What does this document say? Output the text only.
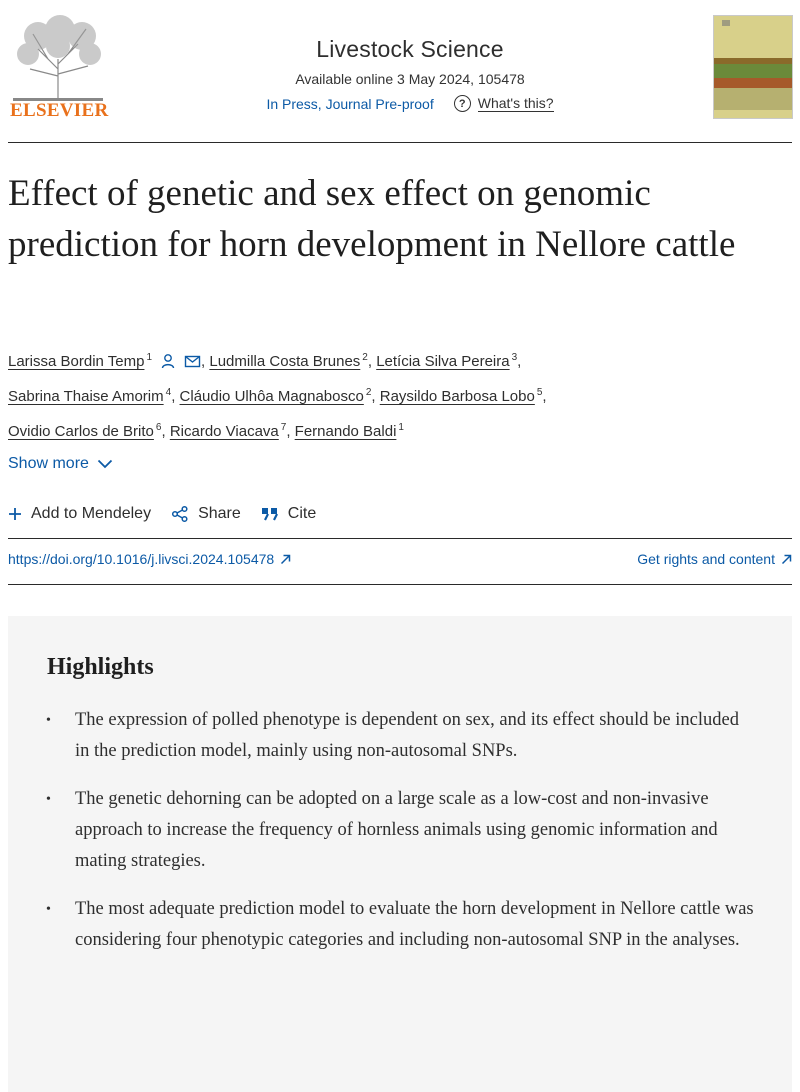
ELSEVIER
Livestock Science
Available online 3 May 2024, 105478
In Press, Journal Pre-proof	? What's this?
Effect of genetic and sex effect on genomic prediction for horn development in Nellore cattle
Larissa Bordin Temp $^1$	, Ludmilla Costa Brunes $^2$, Letícia Silva Pereira $^3$,
Sabrina Thaise Amorim $^4$, Cláudio Ulhôa Magnabosco $^2$, Raysildo Barbosa Lobo $^5$,
Ovidio Carlos de Brito $^6$, Ricardo Viacava $^7$, Fernando Baldi $^1$
Show more
Add to Mendeley	Share	Cite
https://doi.org/10.1016/j.livsci.2024.105478	Get rights and content
Highlights
• The expression of polled phenotype is dependent on sex, and its effect should be included in the prediction model, mainly using non-autosomal SNPs.
• The genetic dehorning can be adopted on a large scale as a low-cost and non-invasive approach to increase the frequency of hornless animals using genomic information and mating strategies.
• The most adequate prediction model to evaluate the horn development in Nellore cattle was considering four phenotypic categories and including non-autosomal SNP in the analyses.
